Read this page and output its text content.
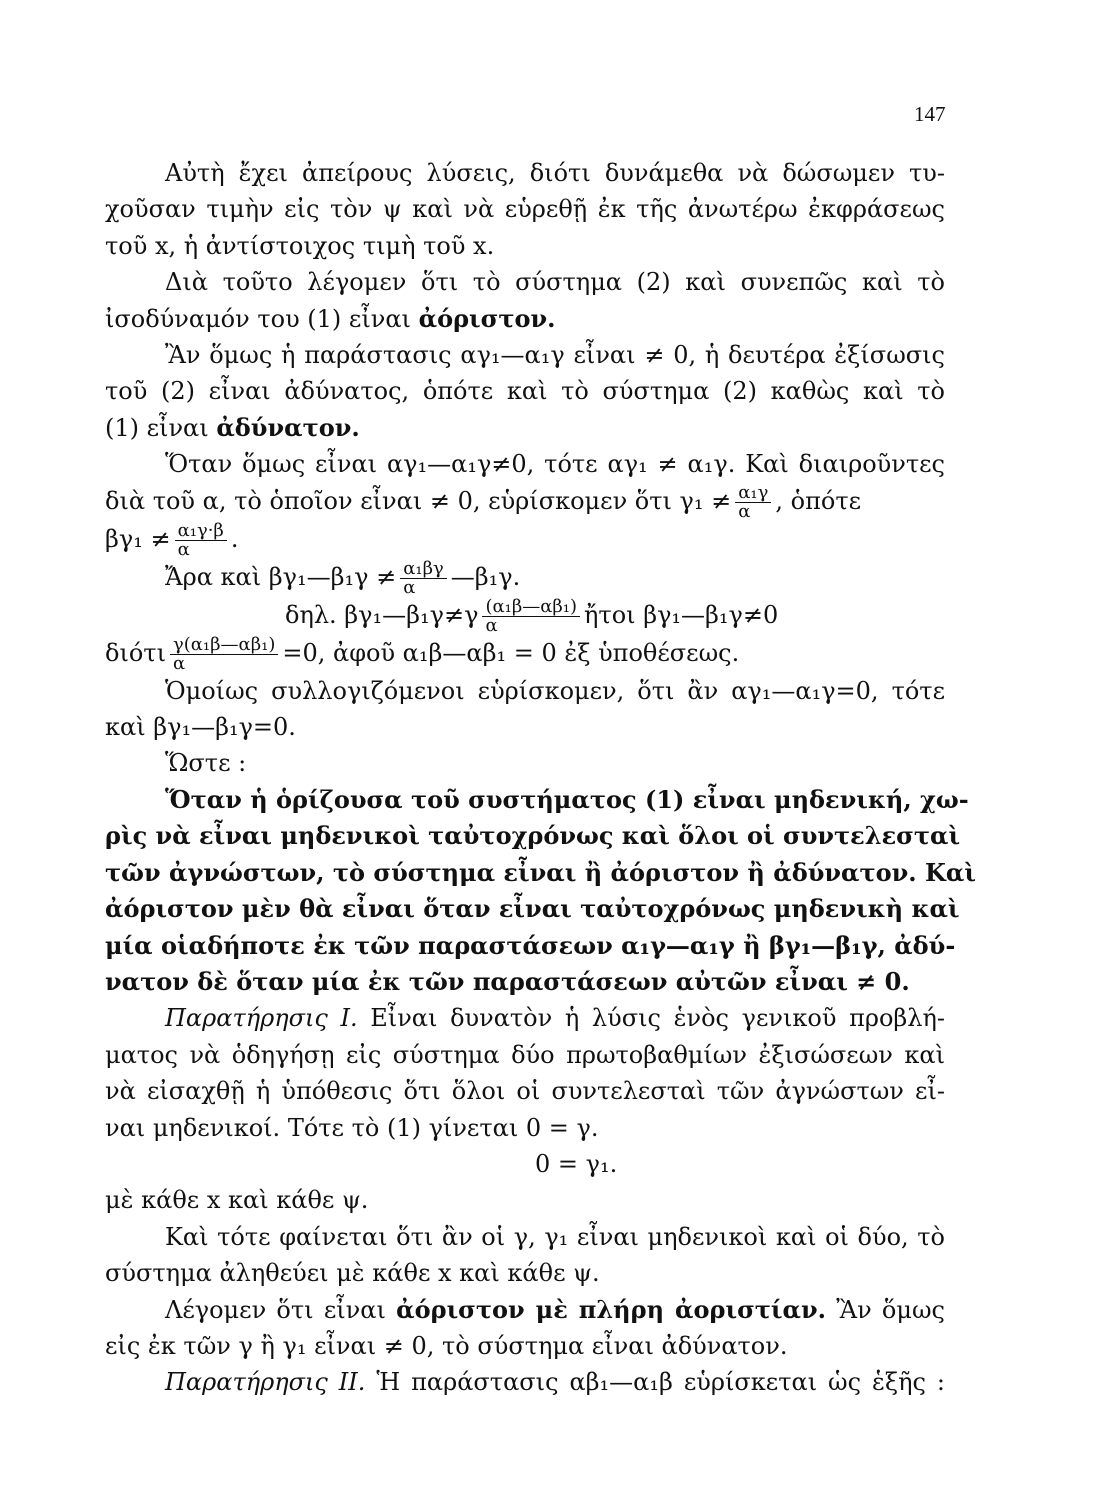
147
Αὐτὴ ἔχει ἀπείρους λύσεις, διότι δυνάμεθα νὰ δώσωμεν τυ-
χοῦσαν τιμὴν εἰς τὸν ψ καὶ νὰ εὑρεθῇ ἐκ τῆς ἀνωτέρω ἐκφράσεως
τοῦ x, ἡ ἀντίστοιχος τιμὴ τοῦ x.
Διὰ τοῦτο λέγομεν ὅτι τὸ σύστημα (2) καὶ συνεπῶς καὶ τὸ
ἰσοδύναμόν του (1) εἶναι ἀόριστον.
Ἂν ὅμως ἡ παράστασις αγ₁—α₁γ εἶναι ≠ 0, ἡ δευτέρα ἐξίσωσις
τοῦ (2) εἶναι ἀδύνατος, ὁπότε καὶ τὸ σύστημα (2) καθὼς καὶ τὸ
(1) εἶναι ἀδύνατον.
Ὅταν ὅμως εἶναι αγ₁—α₁γ≠0, τότε αγ₁ ≠ α₁γ. Καὶ διαιροῦντες
διὰ τοῦ α, τὸ ὁποῖον εἶναι ≠ 0, εὑρίσκομεν ὅτι $\gamma_1 \ne \frac{\text{α₁γ}}{\alpha}$ , ὁπότε
$\beta\gamma_1 \ne \frac{\text{α₁γ·β}}{\alpha}$ .
Ἄρα καὶ βγ₁—β₁γ ≠ $\frac{\text{α₁βγ}}{\alpha}$ —β₁γ.
δηλ. βγ₁—β₁γ≠γ $\frac{\text{(α₁β—αβ₁)}}{\alpha}$ ἤτοι βγ₁—β₁γ≠0
διότι $\frac{\text{γ(α₁β—αβ₁)}}{\alpha} =0$, ἀφοῦ α₁β—αβ₁ = 0 ἐξ ὑποθέσεως.
Ὁμοίως συλλογιζόμενοι εὑρίσκομεν, ὅτι ἂν αγ₁—α₁γ=0, τότε
καὶ βγ₁—β₁γ=0.
Ὥστε :
Ὅταν ἡ ὁρίζουσα τοῦ συστήματος (1) εἶναι μηδενική, χω-
ρὶς νὰ εἶναι μηδενικοὶ ταὐτοχρόνως καὶ ὅλοι οἱ συντελεσταὶ
τῶν ἀγνώστων, τὸ σύστημα εἶναι ἢ ἀόριστον ἢ ἀδύνατον. Καὶ
ἀόριστον μὲν θὰ εἶναι ὅταν εἶναι ταὐτοχρόνως μηδενικὴ καὶ
μία οἱαδήποτε ἐκ τῶν παραστάσεων α₁γ—α₁γ ἢ βγ₁—β₁γ, ἀδύ-
νατον δὲ ὅταν μία ἐκ τῶν παραστάσεων αὐτῶν εἶναι ≠ 0.
Παρατήρησις Ι. Εἶναι δυνατὸν ἡ λύσις ἑνὸς γενικοῦ προβλή-
ματος νὰ ὁδηγήσῃ εἰς σύστημα δύο πρωτοβαθμίων ἐξισώσεων καὶ
νὰ εἰσαχθῇ ἡ ὑπόθεσις ὅτι ὅλοι οἱ συντελεσταὶ τῶν ἀγνώστων εἶ-
ναι μηδενικοί. Τότε τὸ (1) γίνεται 0 = γ.
0 = γ₁.
μὲ κάθε x καὶ κάθε ψ.
Καὶ τότε φαίνεται ὅτι ἂν οἱ γ, γ₁ εἶναι μηδενικοὶ καὶ οἱ δύο, τὸ
σύστημα ἀληθεύει μὲ κάθε x καὶ κάθε ψ.
Λέγομεν ὅτι εἶναι ἀόριστον μὲ πλήρη ἀοριστίαν. Ἂν ὅμως
εἰς ἐκ τῶν γ ἢ γ₁ εἶναι ≠ 0, τὸ σύστημα εἶναι ἀδύνατον.
Παρατήρησις ΙΙ. Ἡ παράστασις αβ₁—α₁β εὑρίσκεται ὡς ἑξῆς :
